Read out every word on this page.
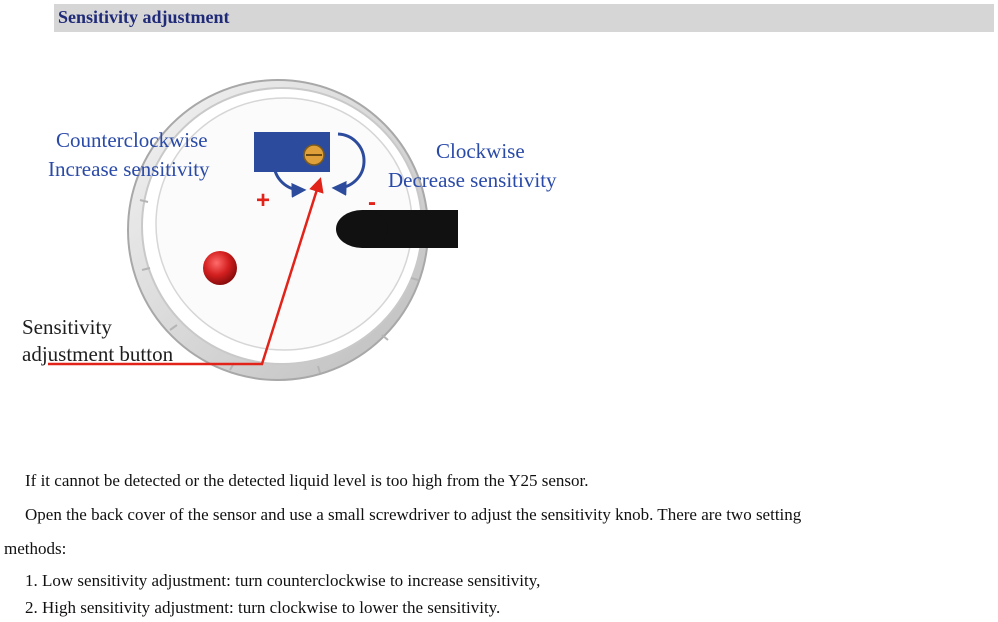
Sensitivity adjustment
+	-
Counterclockwise
Increase sensitivity
Clockwise
Decrease sensitivity
Sensitivity
adjustment button
If it cannot be detected or the detected liquid level is too high from the Y25 sensor.
Open the back cover of the sensor and use a small screwdriver to adjust the sensitivity knob. There are two setting
methods:
1. Low sensitivity adjustment: turn counterclockwise to increase sensitivity,
2. High sensitivity adjustment: turn clockwise to lower the sensitivity.
